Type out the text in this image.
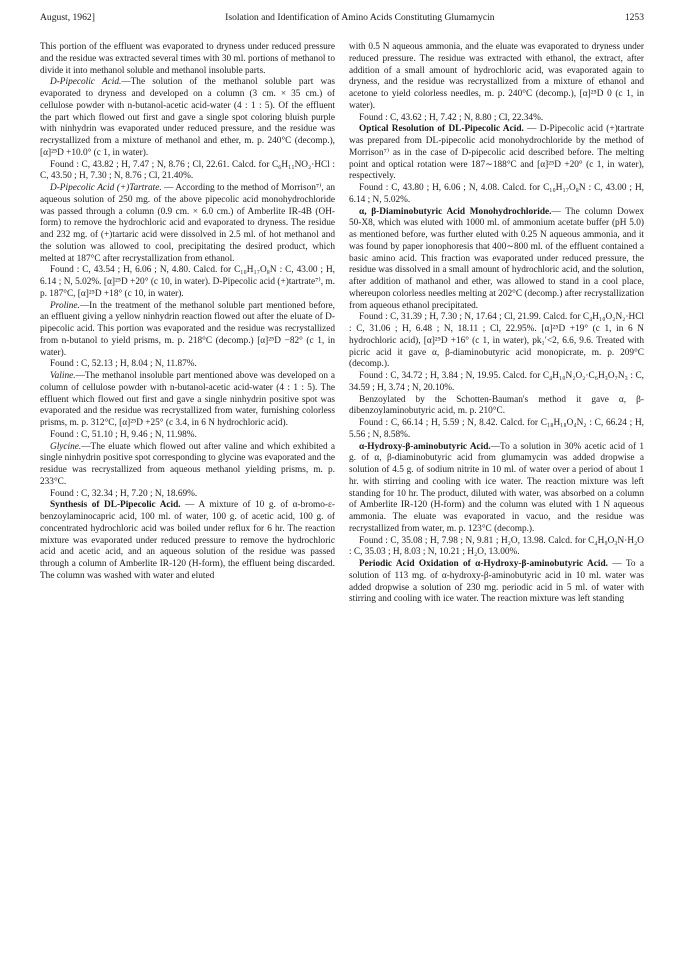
August, 1962]	Isolation and Identification of Amino Acids Constituting Glumamycin	1253

This portion of the effluent was evaporated to dryness under reduced pressure and the residue was extracted several times with 30 ml. portions of methanol to divide it into methanol soluble and methanol insoluble parts.

D-Pipecolic Acid.—The solution of the methanol soluble part was evaporated to dryness and developed on a column (3 cm. × 35 cm.) of cellulose powder with n-butanol-acetic acid-water (4 : 1 : 5). Of the effluent the part which flowed out first and gave a single spot coloring bluish purple with ninhydrin was evaporated under reduced pressure, and the residue was recrystallized from a mixture of methanol and ether, m. p. 240°C (decomp.), [α]²⁵D +10.0° (c 1, in water).

Found : C, 43.82 ; H, 7.47 ; N, 8.76 ; Cl, 22.61. Calcd. for C₆H₁₁NO₂·HCl : C, 43.50 ; H, 7.30 ; N, 8.76 ; Cl, 21.40%.

D-Pipecolic Acid (+)Tartrate. — According to the method of Morrison⁷⁾, an aqueous solution of 250 mg. of the above pipecolic acid monohydrochloride was passed through a column (0.9 cm. × 6.0 cm.) of Amberlite IR-4B (OH-form) to remove the hydrochloric acid and evaporated to dryness. The residue and 232 mg. of (+)tartaric acid were dissolved in 2.5 ml. of hot methanol and the solution was allowed to cool, precipitating the desired product, which melted at 187°C after recrystallization from ethanol.

Found : C, 43.54 ; H, 6.06 ; N, 4.80. Calcd. for C₁₀H₁₇O₈N : C, 43.00 ; H, 6.14 ; N, 5.02%. [α]²⁵D +20° (c 10, in water). D-Pipecolic acid (+)tartrate⁷⁾, m. p. 187°C, [α]²⁵D +18° (c 10, in water).

Proline.—In the treatment of the methanol soluble part mentioned before, an effluent giving a yellow ninhydrin reaction flowed out after the eluate of D-pipecolic acid. This portion was evaporated and the residue was recrystallized from n-butanol to yield prisms, m. p. 218°C (decomp.) [α]²⁵D −82° (c 1, in water).

Found : C, 52.13 ; H, 8.04 ; N, 11.87%.

Valine.—The methanol insoluble part mentioned above was developed on a column of cellulose powder with n-butanol-acetic acid-water (4 : 1 : 5). The effluent which flowed out first and gave a single ninhydrin positive spot was evaporated and the residue was recrystallized from water, furnishing colorless prisms, m. p. 312°C, [α]²⁵D +25° (c 3.4, in 6 N hydrochloric acid).

Found : C, 51.10 ; H, 9.46 ; N, 11.98%.

Glycine.—The eluate which flowed out after valine and which exhibited a single ninhydrin positive spot corresponding to glycine was evaporated and the residue was recrystallized from aqueous methanol yielding prisms, m. p. 233°C.

Found : C, 32.34 ; H, 7.20 ; N, 18.69%.

Synthesis of DL-Pipecolic Acid. — A mixture of 10 g. of α-bromo-ε-benzoylaminocapric acid, 100 ml. of water, 100 g. of acetic acid, 100 g. of concentrated hydrochloric acid was boiled under reflux for 6 hr. The reaction mixture was evaporated under reduced pressure to remove the hydrochloric acid and acetic acid, and an aqueous solution of the residue was passed through a column of Amberlite IR-120 (H-form), the effluent being discarded. The column was washed with water and eluted

with 0.5 N aqueous ammonia, and the eluate was evaporated to dryness under reduced pressure. The residue was extracted with ethanol, the extract, after addition of a small amount of hydrochloric acid, was evaporated again to dryness, and the residue was recrystallized from a mixture of ethanol and acetone to yield colorless needles, m. p. 240°C (decomp.), [α]²⁵D 0 (c 1, in water).

Found : C, 43.62 ; H, 7.42 ; N, 8.80 ; Cl, 22.34%.

Optical Resolution of DL-Pipecolic Acid. — D-Pipecolic acid (+)tartrate was prepared from DL-pipecolic acid monohydrochloride by the method of Morrison⁷⁾ as in the case of D-pipecolic acid described before. The melting point and optical rotation were 187∼188°C and [α]²⁵D +20° (c 1, in water), respectively.

Found : C, 43.80 ; H, 6.06 ; N, 4.08. Calcd. for C₁₀H₁₇O₈N : C, 43.00 ; H, 6.14 ; N, 5.02%.

α, β-Diaminobutyric Acid Monohydrochloride.— The column Dowex 50-X8, which was eluted with 1000 ml. of ammonium acetate buffer (pH 5.0) as mentioned before, was further eluted with 0.25 N aqueous ammonia, and it was found by paper ionophoresis that 400∼800 ml. of the effluent contained a basic amino acid. This fraction was evaporated under reduced pressure, the residue was dissolved in a small amount of hydrochloric acid, and the solution, after addition of mathanol and ether, was allowed to stand in a cool place, whereupon colorless needles melting at 202°C (decomp.) after recrystallization from aqueous ethanol precipitated.

Found : C, 31.39 ; H, 7.30 ; N, 17.64 ; Cl, 21.99. Calcd. for C₄H₁₀O₂N₂·HCl : C, 31.06 ; H, 6.48 ; N, 18.11 ; Cl, 22.95%. [α]²⁵D +19° (c 1, in 6 N hydrochloric acid), [α]²⁵D +16° (c 1, in water), pk₁′<2, 6.6, 9.6. Treated with picric acid it gave α, β-diaminobutyric acid monopicrate, m. p. 209°C (decomp.).

Found : C, 34.72 ; H, 3.84 ; N, 19.95. Calcd. for C₄H₁₀N₂O₂·C₆H₃O₇N₃ : C, 34.59 ; H, 3.74 ; N, 20.10%.

Benzoylated by the Schotten-Bauman's method it gave α, β-dibenzoylaminobutyric acid, m. p. 210°C.

Found : C, 66.14 ; H, 5.59 ; N, 8.42. Calcd. for C₁₈H₁₈O₄N₂ : C, 66.24 ; H, 5.56 ; N, 8.58%.

α-Hydroxy-β-aminobutyric Acid.—To a solution in 30% acetic acid of 1 g. of α, β-diaminobutyric acid from glumamycin was added dropwise a solution of 4.5 g. of sodium nitrite in 10 ml. of water over a period of about 1 hr. with stirring and cooling with ice water. The reaction mixture was left standing for 10 hr. The product, diluted with water, was absorbed on a column of Amberlite IR-120 (H-form) and the column was eluted with 1 N aqueous ammonia. The eluate was evaporated in vacuo, and the residue was recrystallized from water, m. p. 123°C (decomp.).

Found : C, 35.08 ; H, 7.98 ; N, 9.81 ; H₂O, 13.98. Calcd. for C₄H₉O₃N·H₂O : C, 35.03 ; H, 8.03 ; N, 10.21 ; H₂O, 13.00%.

Periodic Acid Oxidation of α-Hydroxy-β-aminobutyric Acid. — To a solution of 113 mg. of α-hydroxy-β-aminobutyric acid in 10 ml. water was added dropwise a solution of 230 mg. periodic acid in 5 ml. of water with stirring and cooling with ice water. The reaction mixture was left standing
